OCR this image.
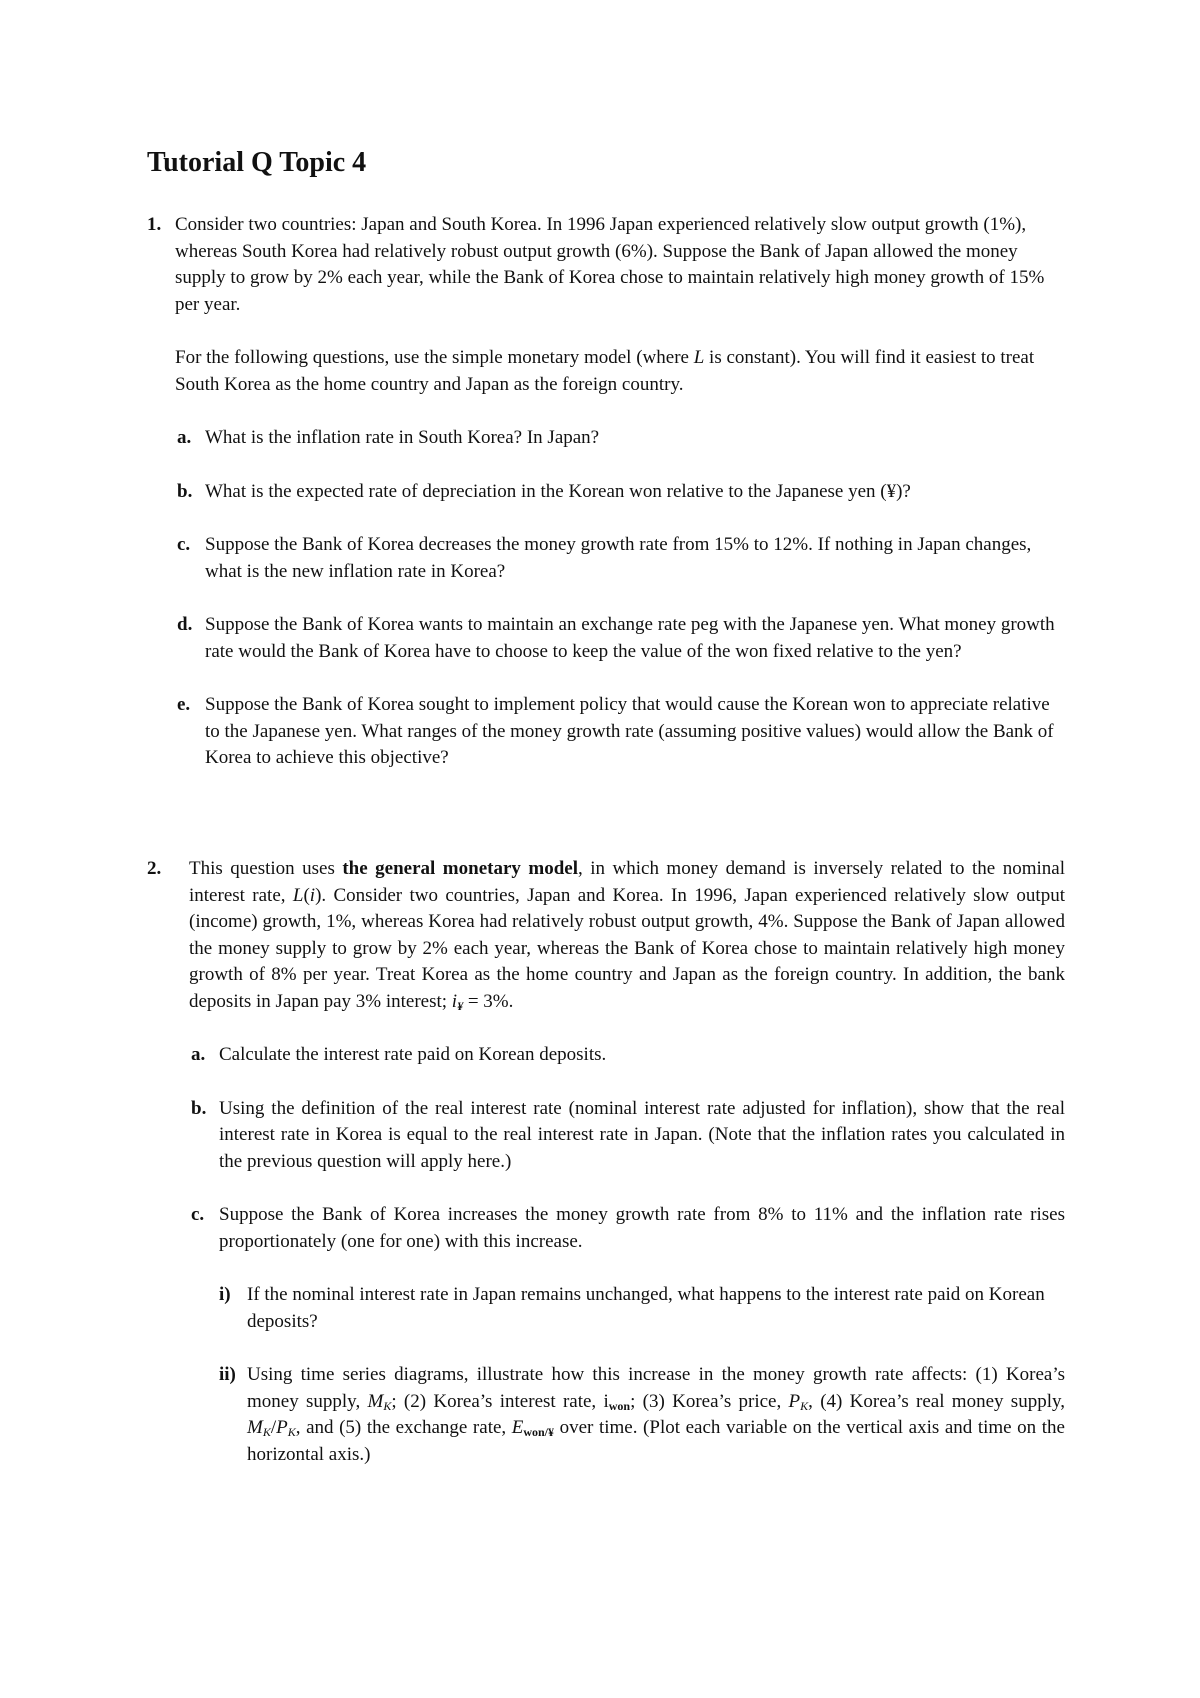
Tutorial Q Topic 4
1. Consider two countries: Japan and South Korea. In 1996 Japan experienced relatively slow output growth (1%), whereas South Korea had relatively robust output growth (6%). Suppose the Bank of Japan allowed the money supply to grow by 2% each year, while the Bank of Korea chose to maintain relatively high money growth of 15% per year.

For the following questions, use the simple monetary model (where L is constant). You will find it easiest to treat South Korea as the home country and Japan as the foreign country.

a. What is the inflation rate in South Korea? In Japan?
b. What is the expected rate of depreciation in the Korean won relative to the Japanese yen (¥)?
c. Suppose the Bank of Korea decreases the money growth rate from 15% to 12%. If nothing in Japan changes, what is the new inflation rate in Korea?
d. Suppose the Bank of Korea wants to maintain an exchange rate peg with the Japanese yen. What money growth rate would the Bank of Korea have to choose to keep the value of the won fixed relative to the yen?
e. Suppose the Bank of Korea sought to implement policy that would cause the Korean won to appreciate relative to the Japanese yen. What ranges of the money growth rate (assuming positive values) would allow the Bank of Korea to achieve this objective?
2.	This question uses the general monetary model, in which money demand is inversely related to the nominal interest rate, L(i). Consider two countries, Japan and Korea. In 1996, Japan experienced relatively slow output (income) growth, 1%, whereas Korea had relatively robust output growth, 4%. Suppose the Bank of Japan allowed the money supply to grow by 2% each year, whereas the Bank of Korea chose to maintain relatively high money growth of 8% per year. Treat Korea as the home country and Japan as the foreign country. In addition, the bank deposits in Japan pay 3% interest; i¥ = 3%.

a. Calculate the interest rate paid on Korean deposits.
b. Using the definition of the real interest rate (nominal interest rate adjusted for inflation), show that the real interest rate in Korea is equal to the real interest rate in Japan. (Note that the inflation rates you calculated in the previous question will apply here.)
c. Suppose the Bank of Korea increases the money growth rate from 8% to 11% and the inflation rate rises proportionately (one for one) with this increase.

i) If the nominal interest rate in Japan remains unchanged, what happens to the interest rate paid on Korean deposits?
ii) Using time series diagrams, illustrate how this increase in the money growth rate affects: (1) Korea’s money supply, MK; (2) Korea’s interest rate, iwon; (3) Korea’s price, PK, (4) Korea’s real money supply, MK/PK, and (5) the exchange rate, Ewon/¥ over time. (Plot each variable on the vertical axis and time on the horizontal axis.)
